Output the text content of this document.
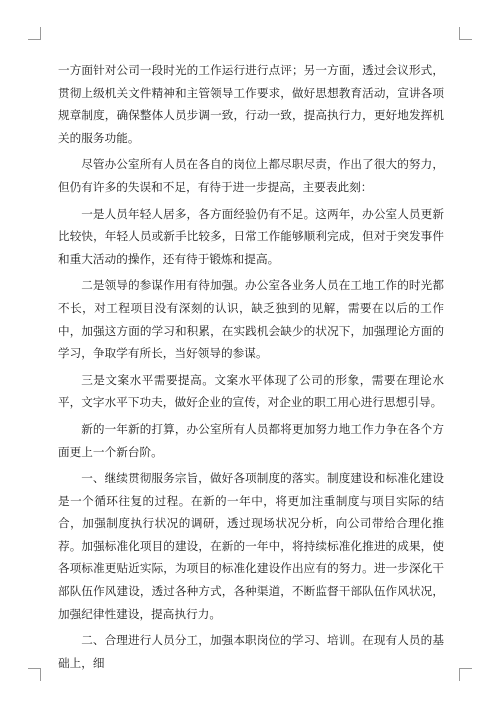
一方面针对公司一段时光的工作运行进行点评；另一方面，透过会议形式，贯彻上级机关文件精神和主管领导工作要求，做好思想教育活动，宣讲各项规章制度，确保整体人员步调一致，行动一致，提高执行力，更好地发挥机关的服务功能。

尽管办公室所有人员在各自的岗位上都尽职尽责，作出了很大的努力，但仍有许多的失误和不足，有待于进一步提高，主要表此刻：

一是人员年轻人居多，各方面经验仍有不足。这两年，办公室人员更新比较快，年轻人员或新手比较多，日常工作能够顺利完成，但对于突发事件和重大活动的操作，还有待于锻炼和提高。

二是领导的参谋作用有待加强。办公室各业务人员在工地工作的时光都不长，对工程项目没有深刻的认识，缺乏独到的见解，需要在以后的工作中，加强这方面的学习和积累，在实践机会缺少的状况下，加强理论方面的学习，争取学有所长，当好领导的参谋。

三是文案水平需要提高。文案水平体现了公司的形象，需要在理论水平，文字水平下功夫，做好企业的宣传，对企业的职工用心进行思想引导。

新的一年新的打算，办公室所有人员都将更加努力地工作力争在各个方面更上一个新台阶。

一、继续贯彻服务宗旨，做好各项制度的落实。制度建设和标准化建设是一个循环往复的过程。在新的一年中，将更加注重制度与项目实际的结合，加强制度执行状况的调研，透过现场状况分析，向公司带给合理化推荐。加强标准化项目的建设，在新的一年中，将持续标准化推进的成果，使各项标准更贴近实际，为项目的标准化建设作出应有的努力。进一步深化干部队伍作风建设，透过各种方式，各种渠道，不断监督干部队伍作风状况，加强纪律性建设，提高执行力。

二、合理进行人员分工，加强本职岗位的学习、培训。在现有人员的基础上，细
